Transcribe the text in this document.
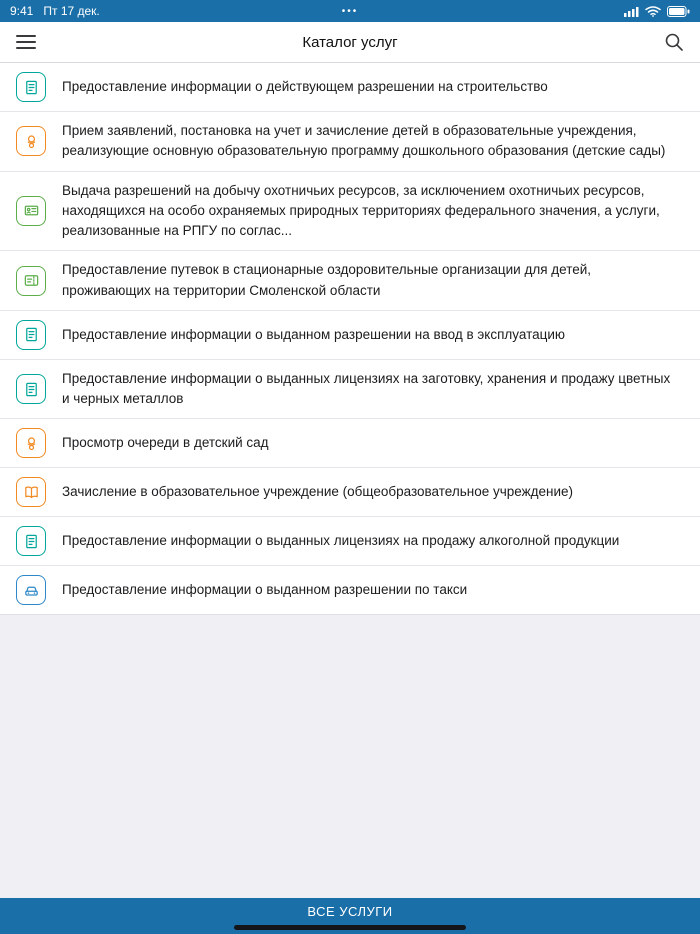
9:41 Пт 17 дек.	•••
Каталог услуг
Предоставление информации о действующем разрешении на строительство
Прием заявлений, постановка на учет и зачисление детей в образовательные учреждения, реализующие основную образовательную программу дошкольного образования (детские сады)
Выдача разрешений на добычу охотничьих ресурсов, за исключением охотничьих ресурсов, находящихся на особо охраняемых природных территориях федерального значения, а услуги, реализованные на РПГУ по соглас...
Предоставление путевок в стационарные оздоровительные организации для детей, проживающих на территории Смоленской области
Предоставление информации о выданном разрешении на ввод в эксплуатацию
Предоставление информации о выданных лицензиях на заготовку, хранения и продажу цветных и черных металлов
Просмотр очереди в детский сад
Зачисление в образовательное учреждение (общеобразовательное учреждение)
Предоставление информации о выданных лицензиях на продажу алкоголной продукции
Предоставление информации о выданном разрешении по такси
ВСЕ УСЛУГИ
